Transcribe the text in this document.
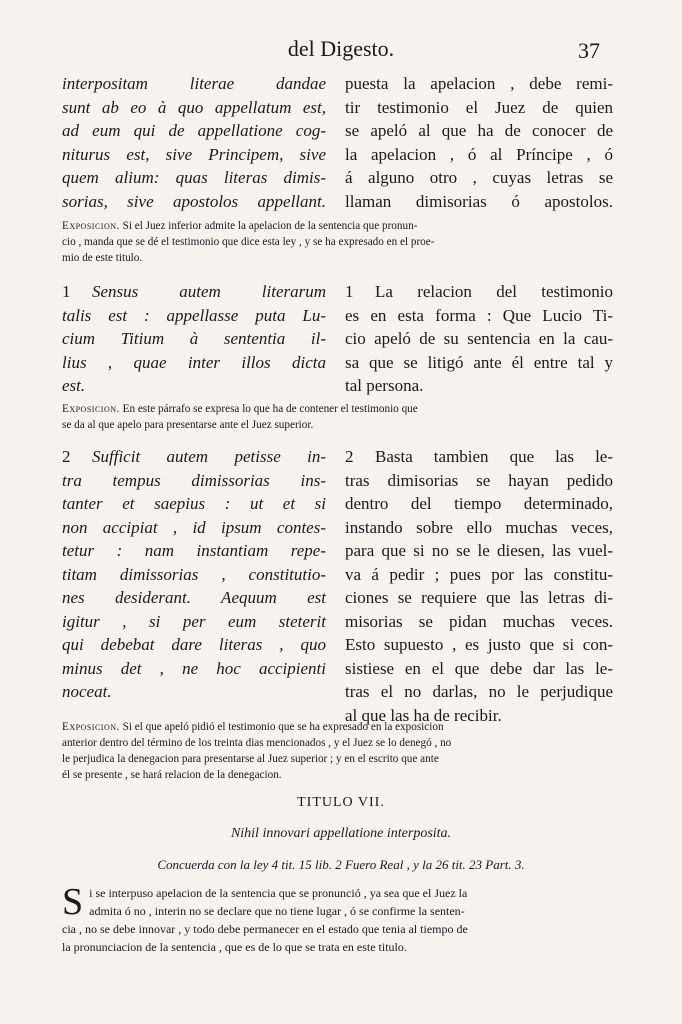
del Digesto.	37
interpositam literae dandae
sunt ab eo à quo appellatum est,
ad eum qui de appellatione cog-
niturus est, sive Principem, sive
quem alium: quas literas dimis-
sorias, sive apostolos appellant.
puesta la apelacion , debe remi-
tir testimonio el Juez de quien
se apeló al que ha de conocer de
la apelacion , ó al Príncipe , ó
á alguno otro , cuyas letras se
llaman dimisorias ó apostolos.
Exposicion. Si el Juez inferior admite la apelacion de la sentencia que pronun-
cio , manda que se dé el testimonio que dice esta ley , y se ha expresado en el proe-
mio de este titulo.
1 Sensus autem literarum
talis est : appellasse puta Lu-
cium Titium à sententia il-
lius , quae inter illos dicta
est.
1 La relacion del testimonio
es en esta forma : Que Lucio Ti-
cio apeló de su sentencia en la cau-
sa que se litigó ante él entre tal y
tal persona.
Exposicion. En este párrafo se expresa lo que ha de contener el testimonio que
se da al que apelo para presentarse ante el Juez superior.
2 Sufficit autem petisse in-
tra tempus dimissorias ins-
tanter et saepius : ut et si
non accipiat , id ipsum contes-
tetur : nam instantiam repe-
titam dimissorias , constitutio-
nes desiderant. Aequum est
igitur , si per eum steterit
qui debebat dare literas , quo
minus det , ne hoc accipienti
noceat.
2 Basta tambien que las le-
tras dimisorias se hayan pedido
dentro del tiempo determinado,
instando sobre ello muchas veces,
para que si no se le diesen, las vuel-
va á pedir ; pues por las constitu-
ciones se requiere que las letras di-
misorias se pidan muchas veces.
Esto supuesto , es justo que si con-
sistiese en el que debe dar las le-
tras el no darlas, no le perjudique
al que las ha de recibir.
Exposicion. Si el que apeló pidió el testimonio que se ha expresado en la exposicion
anterior dentro del término de los treinta dias mencionados , y el Juez se lo denegó , no
le perjudica la denegacion para presentarse al Juez superior ; y en el escrito que ante
él se presente , se hará relacion de la denegacion.
TITULO VII.
Nihil innovari appellatione interposita.
Concuerda con la ley 4 tit. 15 lib. 2 Fuero Real , y la 26 tit. 23 Part. 3.
S i se interpuso apelacion de la sentencia que se pronunció , ya sea que el Juez la
admita ó no , interin no se declare que no tiene lugar , ó se confirme la senten-
cia , no se debe innovar , y todo debe permanecer en el estado que tenia al tiempo de
la pronunciacion de la sentencia , que es de lo que se trata en este titulo.
